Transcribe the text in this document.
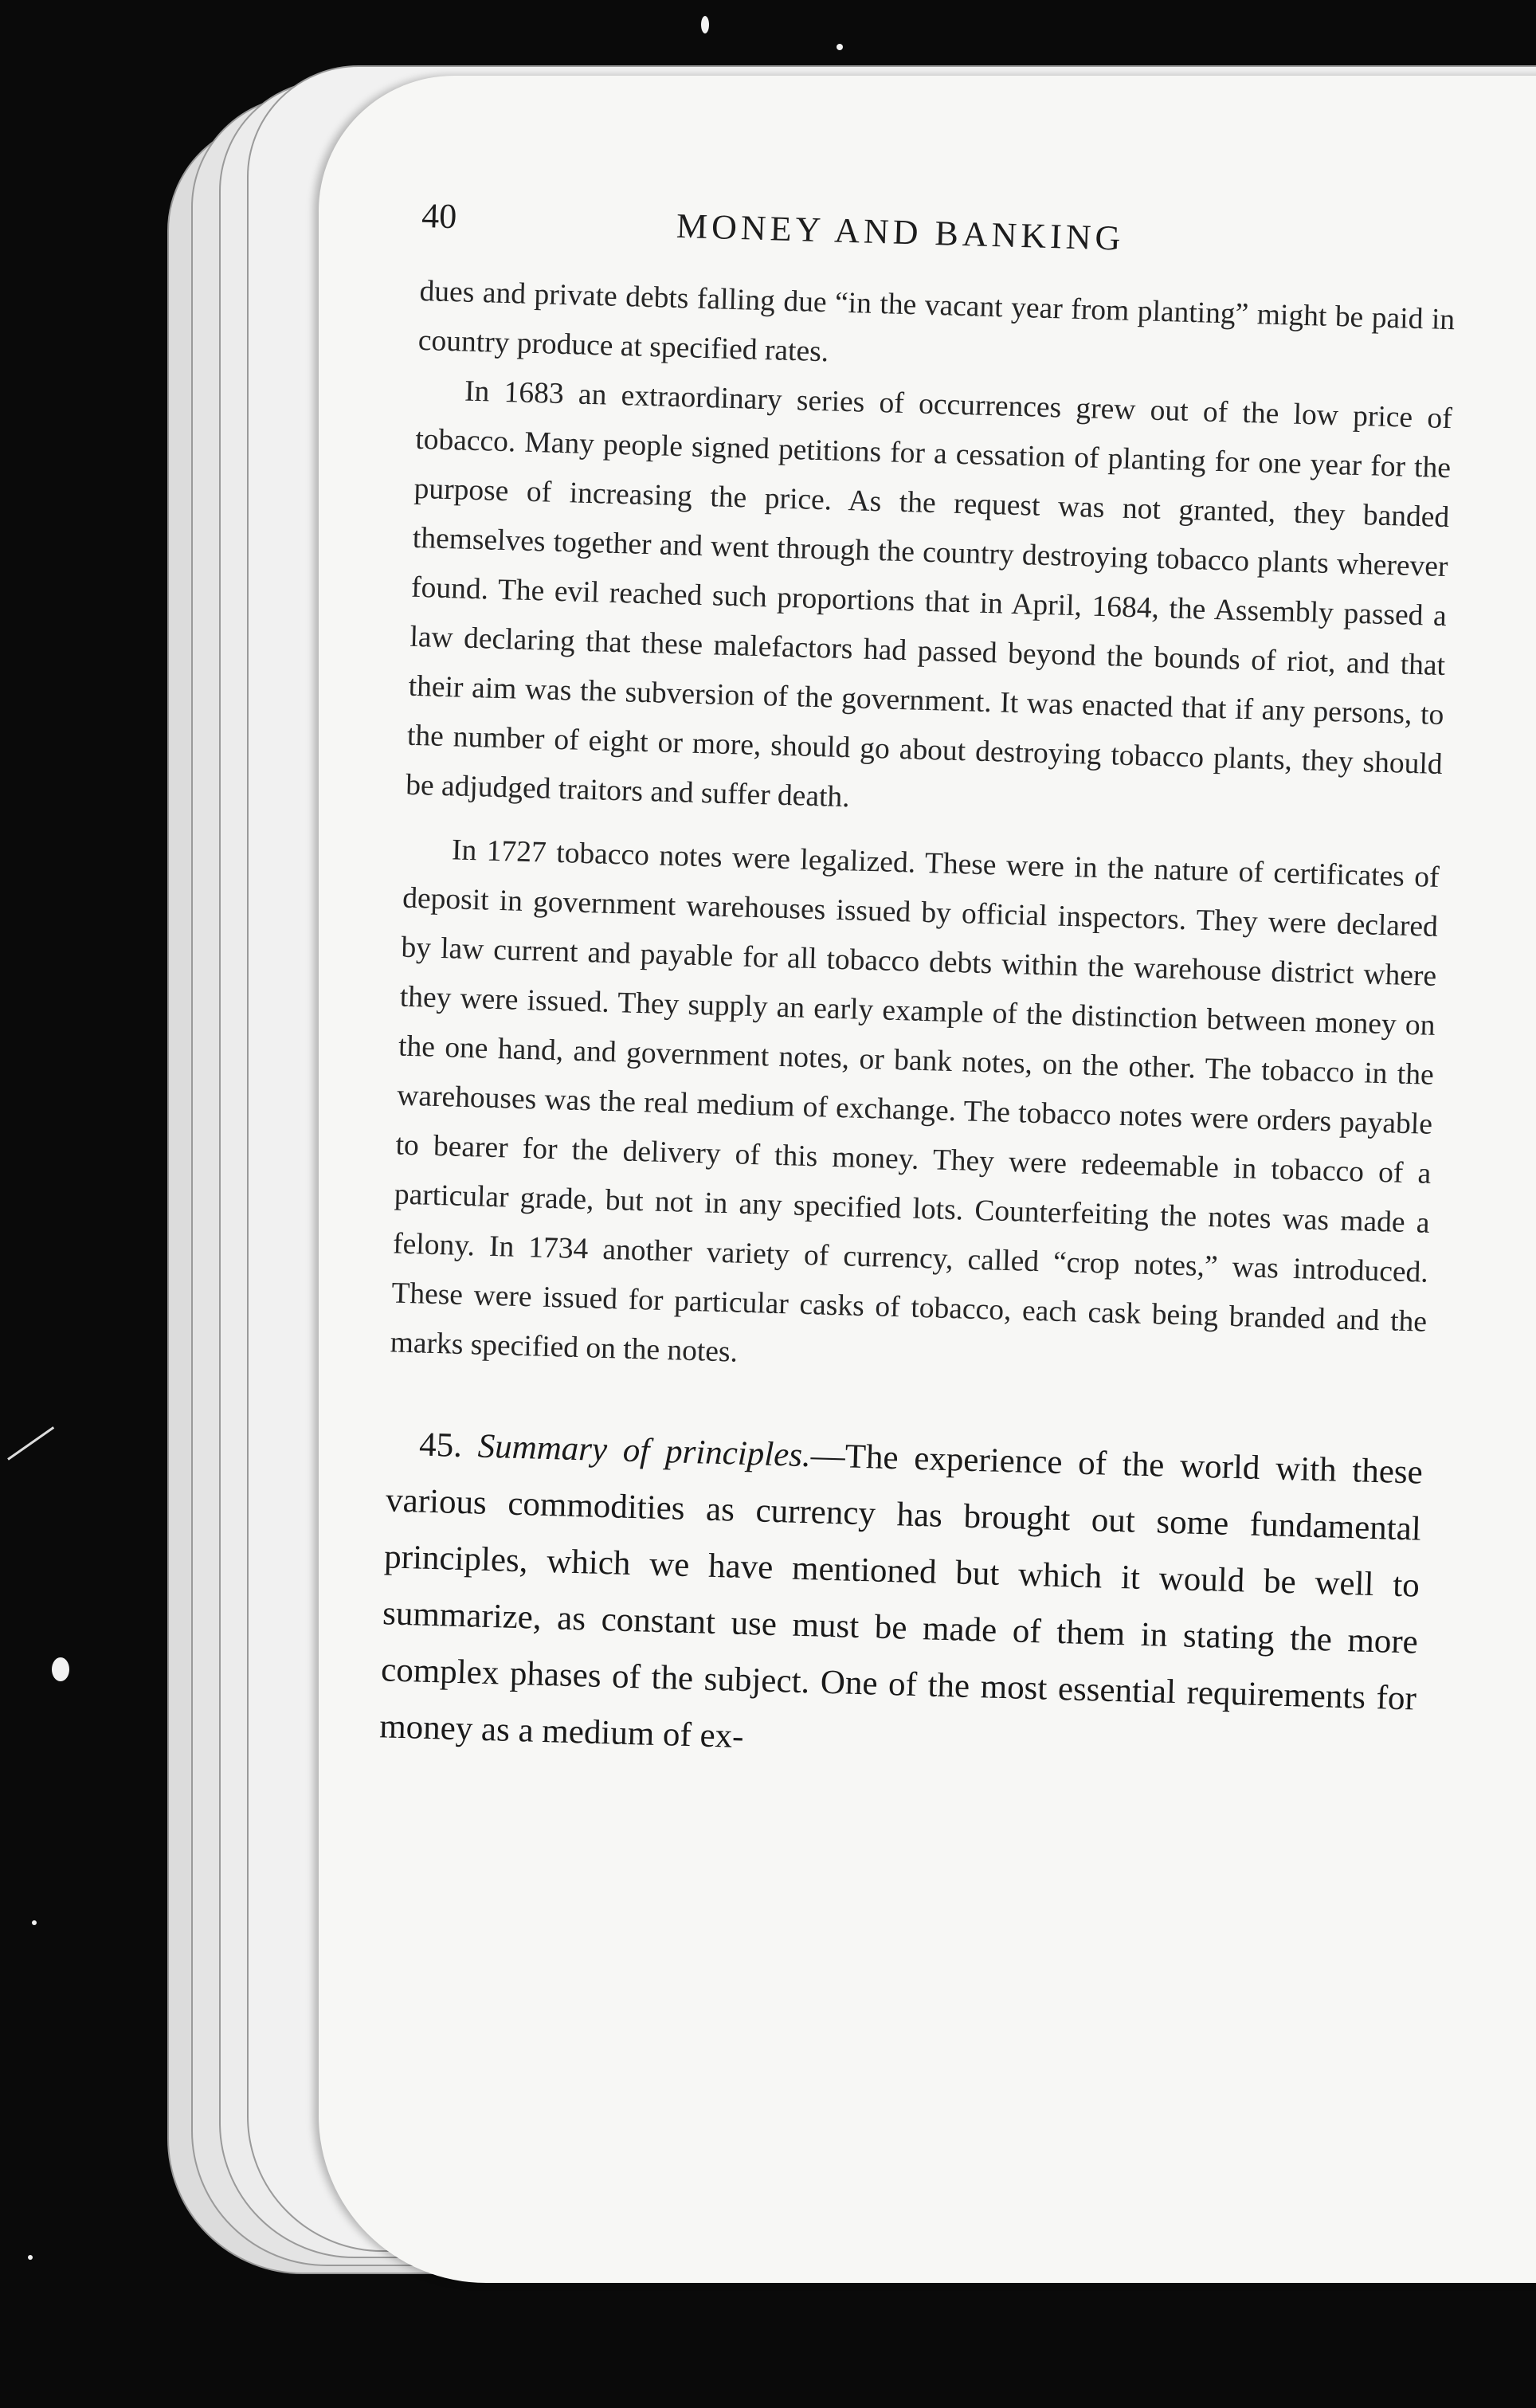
40	MONEY AND BANKING

dues and private debts falling due “in the vacant year from planting” might be paid in country produce at specified rates.

In 1683 an extraordinary series of occurrences grew out of the low price of tobacco. Many people signed petitions for a cessation of planting for one year for the purpose of increasing the price. As the request was not granted, they banded themselves together and went through the country destroying tobacco plants wherever found. The evil reached such proportions that in April, 1684, the Assembly passed a law declaring that these malefactors had passed beyond the bounds of riot, and that their aim was the subversion of the government. It was enacted that if any persons, to the number of eight or more, should go about destroying tobacco plants, they should be adjudged traitors and suffer death.

In 1727 tobacco notes were legalized. These were in the nature of certificates of deposit in government warehouses issued by official inspectors. They were declared by law current and payable for all tobacco debts within the warehouse district where they were issued. They supply an early example of the distinction between money on the one hand, and government notes, or bank notes, on the other. The tobacco in the warehouses was the real medium of exchange. The tobacco notes were orders payable to bearer for the delivery of this money. They were redeemable in tobacco of a particular grade, but not in any specified lots. Counterfeiting the notes was made a felony. In 1734 another variety of currency, called “crop notes,” was introduced. These were issued for particular casks of tobacco, each cask being branded and the marks specified on the notes.

45. Summary of principles.—The experience of the world with these various commodities as currency has brought out some fundamental principles, which we have mentioned but which it would be well to summarize, as constant use must be made of them in stating the more complex phases of the subject. One of the most essential requirements for money as a medium of ex-
